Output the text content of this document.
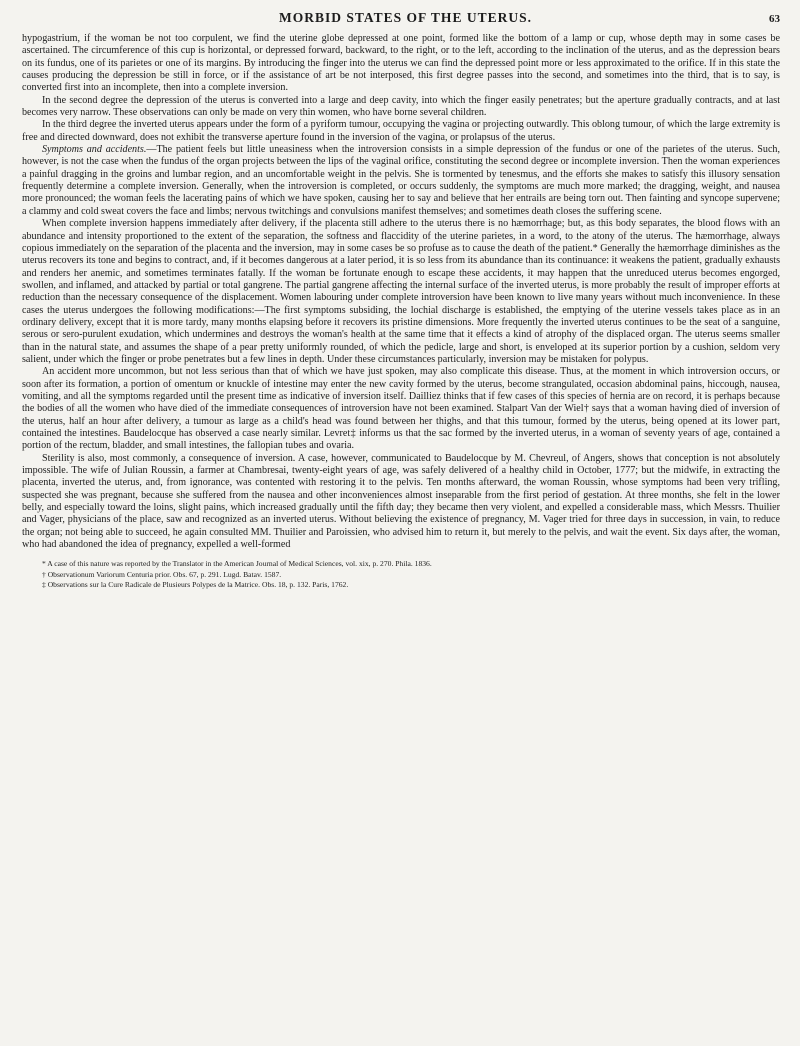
MORBID STATES OF THE UTERUS.	63

hypogastrium, if the woman be not too corpulent, we find the uterine globe depressed at one point, formed like the bottom of a lamp or cup, whose depth may in some cases be ascertained. The circumference of this cup is horizontal, or depressed forward, backward, to the right, or to the left, according to the inclination of the uterus, and as the depression bears on its fundus, one of its parietes or one of its margins. By introducing the finger into the uterus we can find the depressed point more or less approximated to the orifice. If in this state the causes producing the depression be still in force, or if the assistance of art be not interposed, this first degree passes into the second, and sometimes into the third, that is to say, is converted first into an incomplete, then into a complete inversion.

In the second degree the depression of the uterus is converted into a large and deep cavity, into which the finger easily penetrates; but the aperture gradually contracts, and at last becomes very narrow. These observations can only be made on very thin women, who have borne several children.

In the third degree the inverted uterus appears under the form of a pyriform tumour, occupying the vagina or projecting outwardly. This oblong tumour, of which the large extremity is free and directed downward, does not exhibit the transverse aperture found in the inversion of the vagina, or prolapsus of the uterus.

Symptoms and accidents.—The patient feels but little uneasiness when the introversion consists in a simple depression of the fundus or one of the parietes of the uterus. Such, however, is not the case when the fundus of the organ projects between the lips of the vaginal orifice, constituting the second degree or incomplete inversion. Then the woman experiences a painful dragging in the groins and lumbar region, and an uncomfortable weight in the pelvis. She is tormented by tenesmus, and the efforts she makes to satisfy this illusory sensation frequently determine a complete inversion. Generally, when the introversion is completed, or occurs suddenly, the symptoms are much more marked; the dragging, weight, and nausea more pronounced; the woman feels the lacerating pains of which we have spoken, causing her to say and believe that her entrails are being torn out. Then fainting and syncope supervene; a clammy and cold sweat covers the face and limbs; nervous twitchings and convulsions manifest themselves; and sometimes death closes the suffering scene.

When complete inversion happens immediately after delivery, if the placenta still adhere to the uterus there is no hæmorrhage; but, as this body separates, the blood flows with an abundance and intensity proportioned to the extent of the separation, the softness and flaccidity of the uterine parietes, in a word, to the atony of the uterus. The hæmorrhage, always copious immediately on the separation of the placenta and the inversion, may in some cases be so profuse as to cause the death of the patient.* Generally the hæmorrhage diminishes as the uterus recovers its tone and begins to contract, and, if it becomes dangerous at a later period, it is so less from its abundance than its continuance: it weakens the patient, gradually exhausts and renders her anemic, and sometimes terminates fatally. If the woman be fortunate enough to escape these accidents, it may happen that the unreduced uterus becomes engorged, swollen, and inflamed, and attacked by partial or total gangrene. The partial gangrene affecting the internal surface of the inverted uterus, is more probably the result of improper efforts at reduction than the necessary consequence of the displacement. Women labouring under complete introversion have been known to live many years without much inconvenience. In these cases the uterus undergoes the following modifications:—The first symptoms subsiding, the lochial discharge is established, the emptying of the uterine vessels takes place as in an ordinary delivery, except that it is more tardy, many months elapsing before it recovers its pristine dimensions. More frequently the inverted uterus continues to be the seat of a sanguine, serous or sero-purulent exudation, which undermines and destroys the woman's health at the same time that it effects a kind of atrophy of the displaced organ. The uterus seems smaller than in the natural state, and assumes the shape of a pear pretty uniformly rounded, of which the pedicle, large and short, is enveloped at its superior portion by a cushion, seldom very salient, under which the finger or probe penetrates but a few lines in depth. Under these circumstances particularly, inversion may be mistaken for polypus.

An accident more uncommon, but not less serious than that of which we have just spoken, may also complicate this disease. Thus, at the moment in which introversion occurs, or soon after its formation, a portion of omentum or knuckle of intestine may enter the new cavity formed by the uterus, become strangulated, occasion abdominal pains, hiccough, nausea, vomiting, and all the symptoms regarded until the present time as indicative of inversion itself. Dailliez thinks that if few cases of this species of hernia are on record, it is perhaps because the bodies of all the women who have died of the immediate consequences of introversion have not been examined. Stalpart Van der Wiel† says that a woman having died of inversion of the uterus, half an hour after delivery, a tumour as large as a child's head was found between her thighs, and that this tumour, formed by the uterus, being opened at its lower part, contained the intestines. Baudelocque has observed a case nearly similar. Levret‡ informs us that the sac formed by the inverted uterus, in a woman of seventy years of age, contained a portion of the rectum, bladder, and small intestines, the fallopian tubes and ovaria.

Sterility is also, most commonly, a consequence of inversion. A case, however, communicated to Baudelocque by M. Chevreul, of Angers, shows that conception is not absolutely impossible. The wife of Julian Roussin, a farmer at Chambresai, twenty-eight years of age, was safely delivered of a healthy child in October, 1777; but the midwife, in extracting the placenta, inverted the uterus, and, from ignorance, was contented with restoring it to the pelvis. Ten months afterward, the woman Roussin, whose symptoms had been very trifling, suspected she was pregnant, because she suffered from the nausea and other inconveniences almost inseparable from the first period of gestation. At three months, she felt in the lower belly, and especially toward the loins, slight pains, which increased gradually until the fifth day; they became then very violent, and expelled a considerable mass, which Messrs. Thuilier and Vager, physicians of the place, saw and recognized as an inverted uterus. Without believing the existence of pregnancy, M. Vager tried for three days in succession, in vain, to reduce the organ; not being able to succeed, he again consulted MM. Thuilier and Paroissien, who advised him to return it, but merely to the pelvis, and wait the event. Six days after, the woman, who had abandoned the idea of pregnancy, expelled a well-formed

* A case of this nature was reported by the Translator in the American Journal of Medical Sciences, vol. xix, p. 270. Phila. 1836.

† Observationum Variorum Centuria prior. Obs. 67, p. 291. Lugd. Batav. 1587.

‡ Observations sur la Cure Radicale de Plusieurs Polypes de la Matrice. Obs. 18, p. 132. Paris, 1762.
